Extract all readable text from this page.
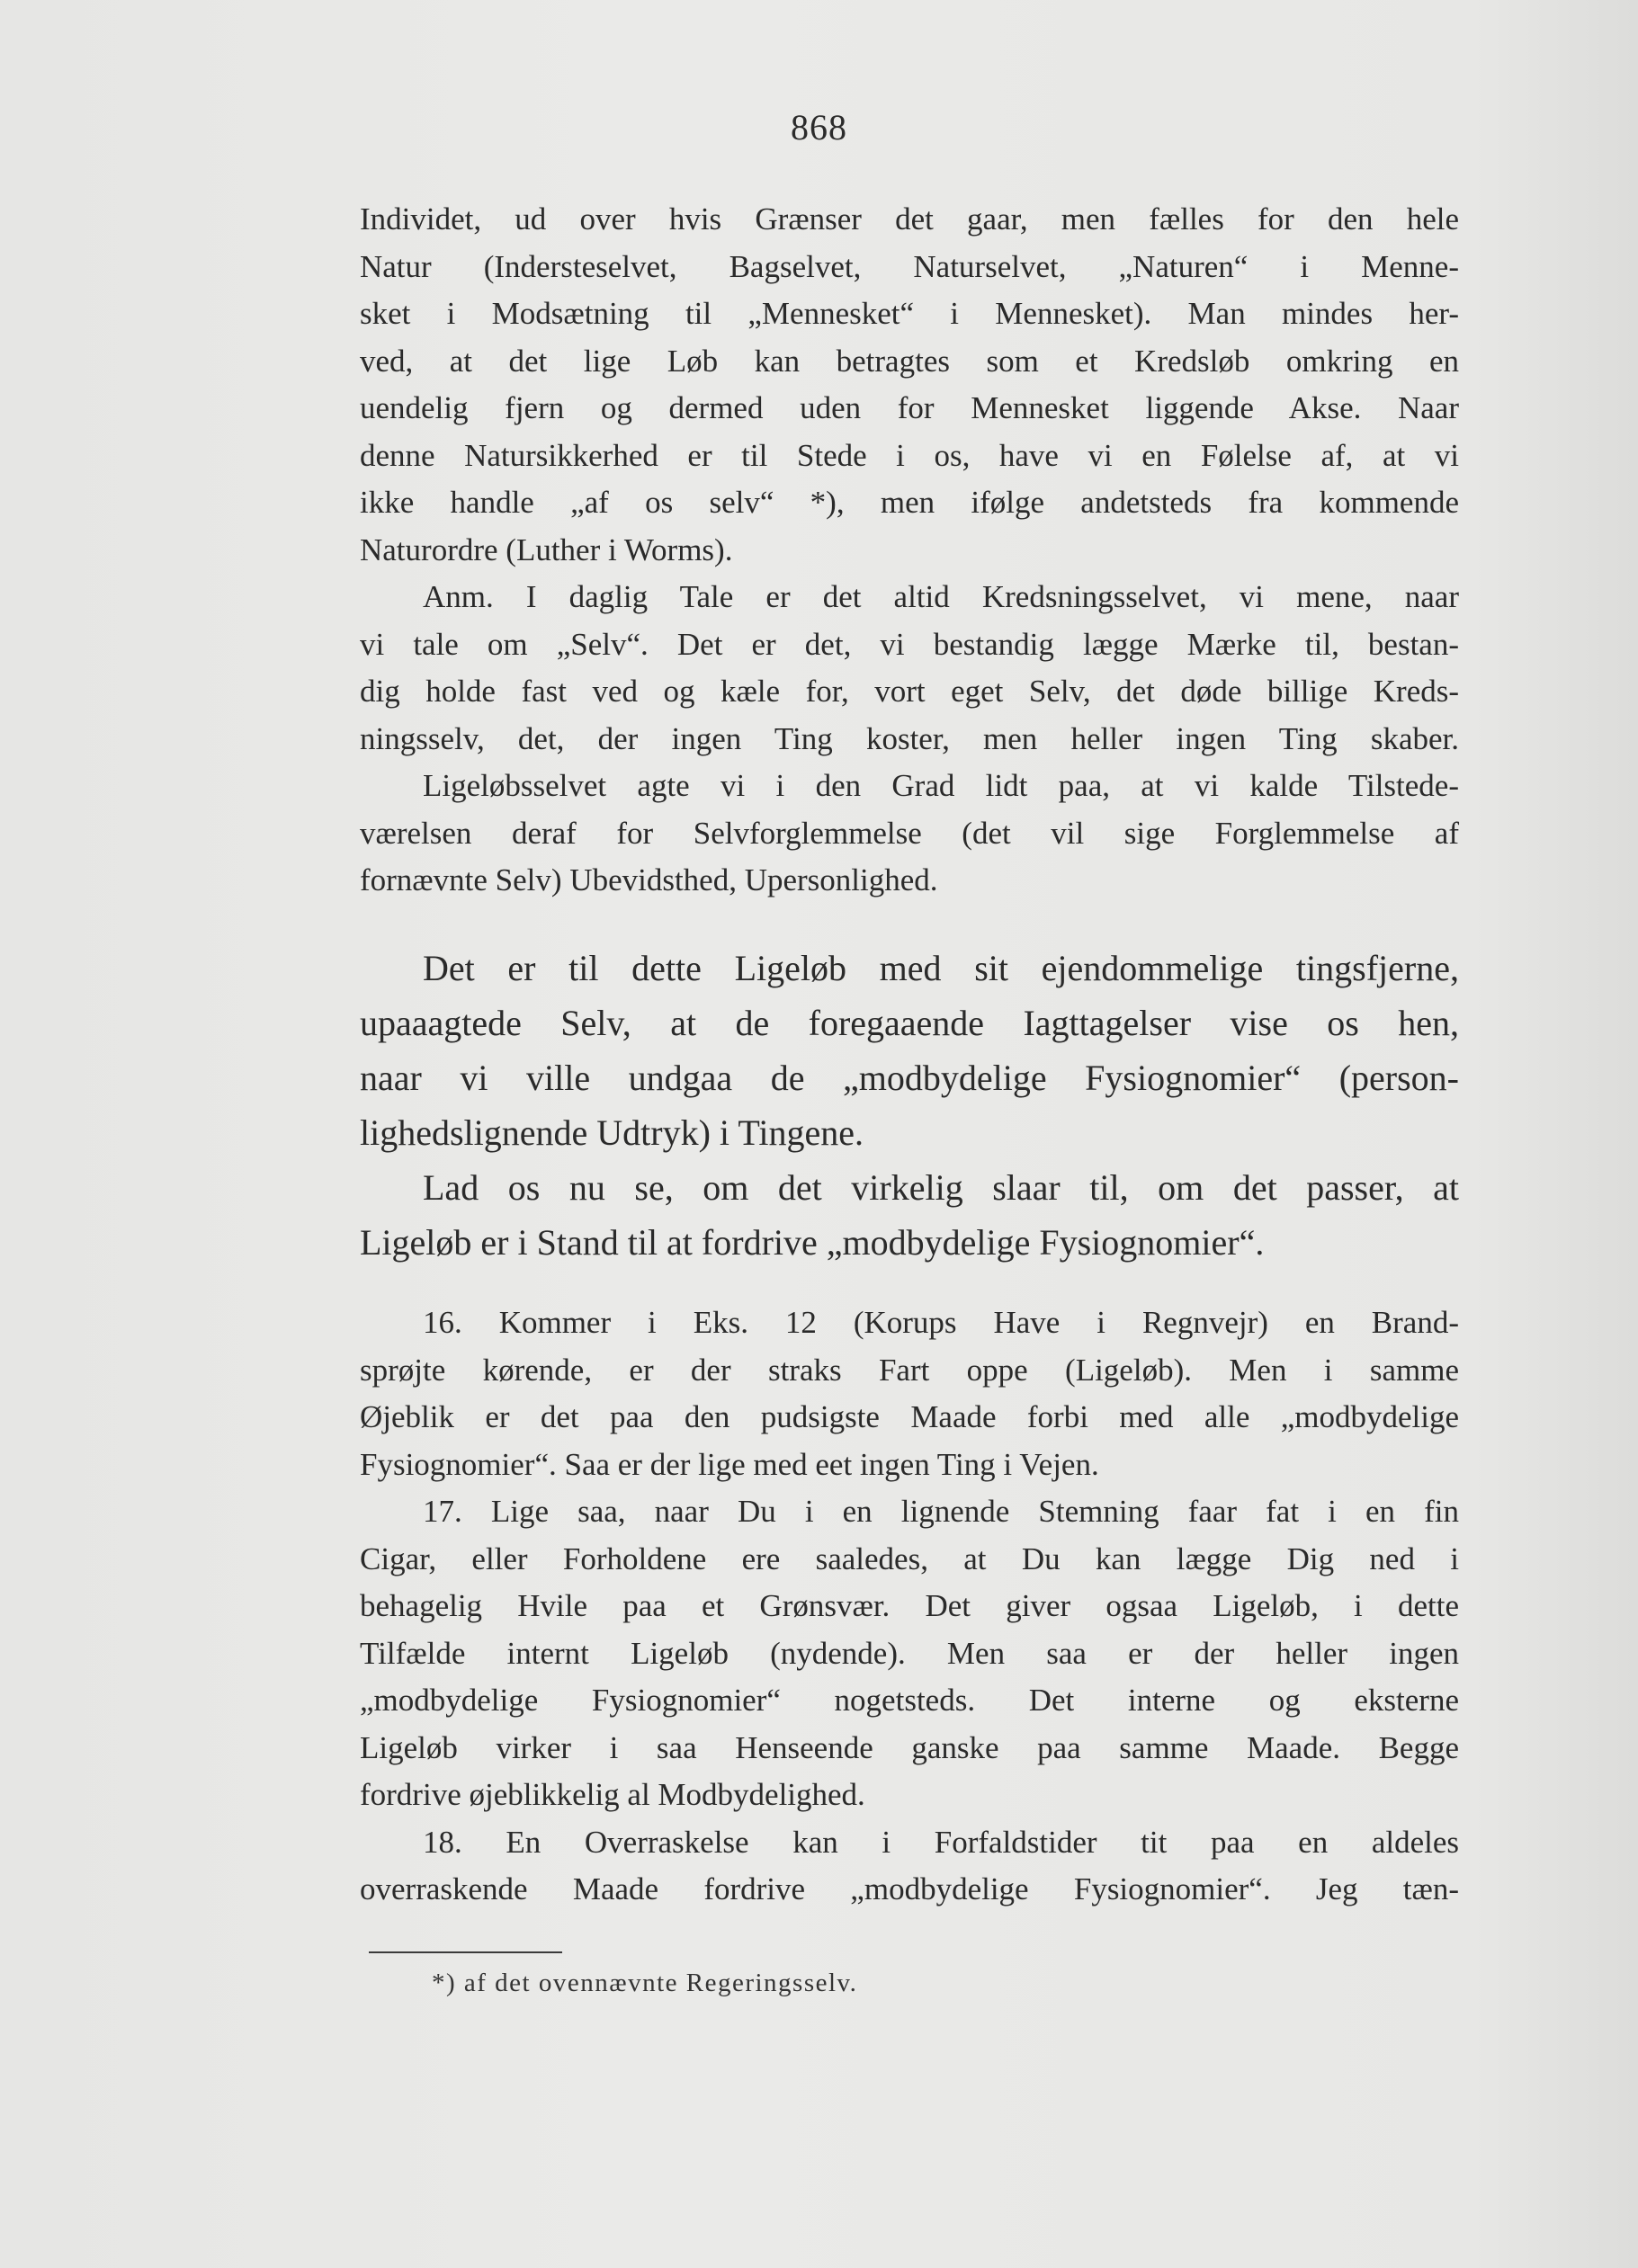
868
Individet, ud over hvis Grænser det gaar, men fælles for den hele
Natur (Indersteselvet, Bagselvet, Naturselvet, „Naturen“ i Menne-
sket i Modsætning til „Mennesket“ i Mennesket). Man mindes her-
ved, at det lige Løb kan betragtes som et Kredsløb omkring en
uendelig fjern og dermed uden for Mennesket liggende Akse. Naar
denne Natursikkerhed er til Stede i os, have vi en Følelse af, at vi
ikke handle „af os selv“ *), men ifølge andetsteds fra kommende
Naturordre (Luther i Worms).
Anm. I daglig Tale er det altid Kredsningsselvet, vi mene, naar
vi tale om „Selv“. Det er det, vi bestandig lægge Mærke til, bestan-
dig holde fast ved og kæle for, vort eget Selv, det døde billige Kreds-
ningsselv, det, der ingen Ting koster, men heller ingen Ting skaber.
Ligeløbsselvet agte vi i den Grad lidt paa, at vi kalde Tilstede-
værelsen deraf for Selvforglemmelse (det vil sige Forglemmelse af
fornævnte Selv) Ubevidsthed, Upersonlighed.
Det er til dette Ligeløb med sit ejendommelige tingsfjerne,
upaaagtede Selv, at de foregaaende Iagttagelser vise os hen,
naar vi ville undgaa de „modbydelige Fysiognomier“ (person-
lighedslignende Udtryk) i Tingene.
Lad os nu se, om det virkelig slaar til, om det passer, at
Ligeløb er i Stand til at fordrive „modbydelige Fysiognomier“.
16. Kommer i Eks. 12 (Korups Have i Regnvejr) en Brand-
sprøjte kørende, er der straks Fart oppe (Ligeløb). Men i samme
Øjeblik er det paa den pudsigste Maade forbi med alle „modbydelige
Fysiognomier“. Saa er der lige med eet ingen Ting i Vejen.
17. Lige saa, naar Du i en lignende Stemning faar fat i en fin
Cigar, eller Forholdene ere saaledes, at Du kan lægge Dig ned i
behagelig Hvile paa et Grønsvær. Det giver ogsaa Ligeløb, i dette
Tilfælde internt Ligeløb (nydende). Men saa er der heller ingen
„modbydelige Fysiognomier“ nogetsteds. Det interne og eksterne
Ligeløb virker i saa Henseende ganske paa samme Maade. Begge
fordrive øjeblikkelig al Modbydelighed.
18. En Overraskelse kan i Forfaldstider tit paa en aldeles
overraskende Maade fordrive „modbydelige Fysiognomier“. Jeg tæn-
*) af det ovennævnte Regeringsselv.
